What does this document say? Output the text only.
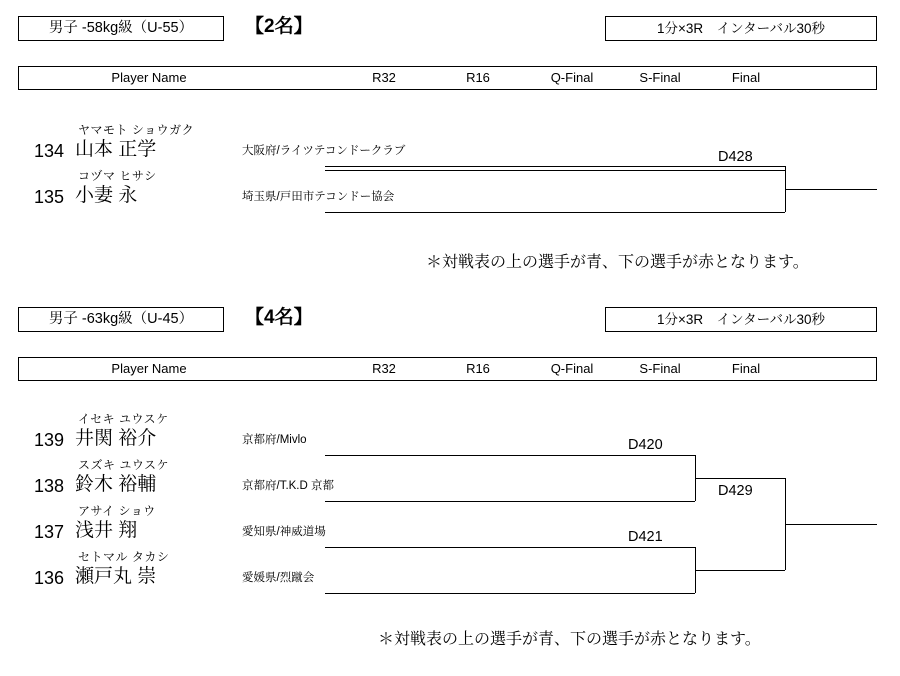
男子 -58kg級（U-55）	【2名】	1分×3R　インターバル30秒
Player Name	R32	R16	Q-Final	S-Final	Final
134
ヤマモト ショウガク
山本 正学	大阪府/ライツテコンドークラブ
135
コヅマ ヒサシ
小妻 永	埼玉県/戸田市テコンドー協会
D428
＊対戦表の上の選手が青、下の選手が赤となります。
男子 -63kg級（U-45）	【4名】	1分×3R　インターバル30秒
Player Name	R32	R16	Q-Final	S-Final	Final
139
イセキ ユウスケ
井関 裕介	京都府/Mivlo
138
スズキ ユウスケ
鈴木 裕輔	京都府/T.K.D 京都
137
アサイ ショウ
浅井 翔	愛知県/神威道場
136
セトマル タカシ
瀬戸丸 崇	愛媛県/烈蹴会
D420
D421
D429
＊対戦表の上の選手が青、下の選手が赤となります。
